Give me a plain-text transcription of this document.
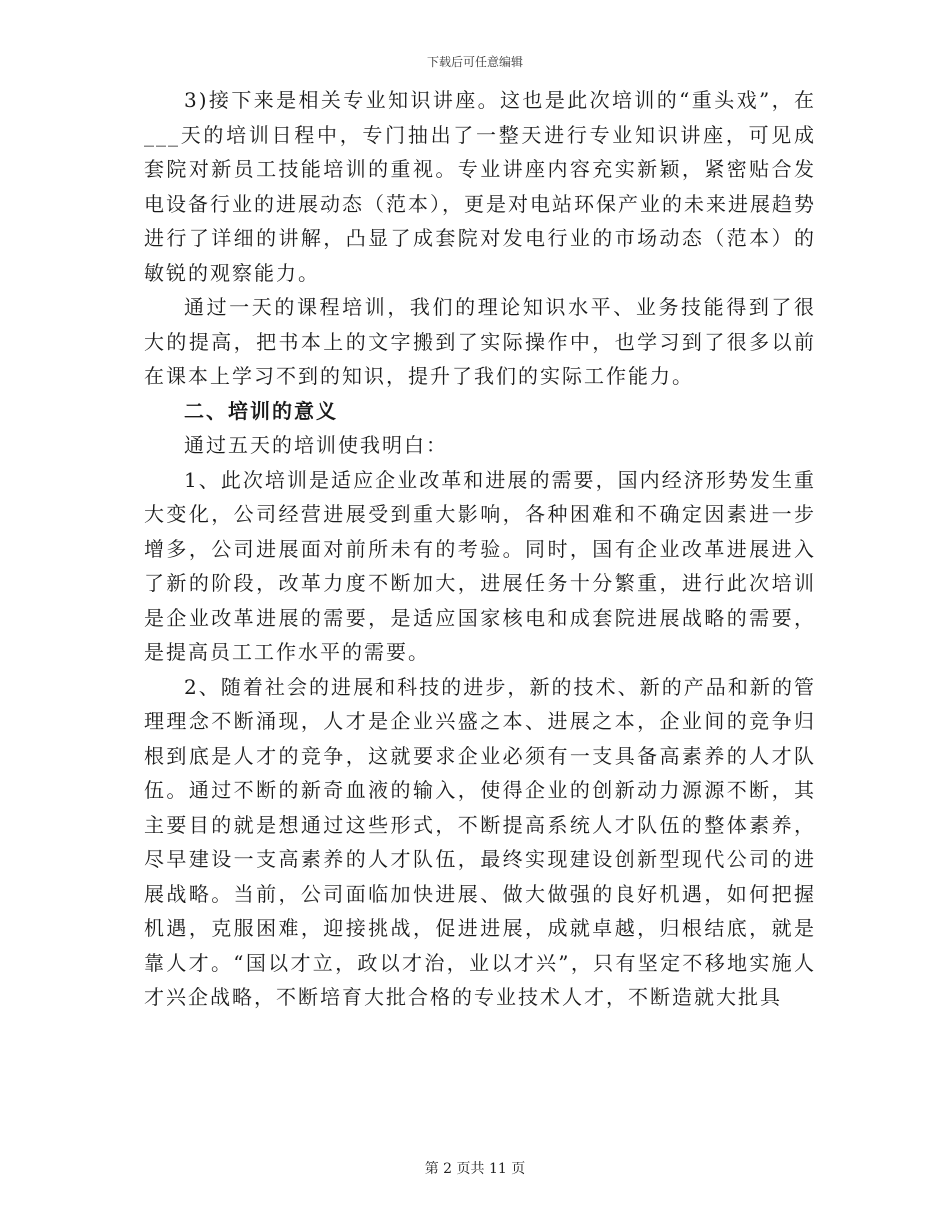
下载后可任意编辑

3)接下来是相关专业知识讲座。这也是此次培训的“重头戏”，在___天的培训日程中，专门抽出了一整天进行专业知识讲座，可见成套院对新员工技能培训的重视。专业讲座内容充实新颖，紧密贴合发电设备行业的进展动态（范本），更是对电站环保产业的未来进展趋势进行了详细的讲解，凸显了成套院对发电行业的市场动态（范本）的敏锐的观察能力。

通过一天的课程培训，我们的理论知识水平、业务技能得到了很大的提高，把书本上的文字搬到了实际操作中，也学习到了很多以前在课本上学习不到的知识，提升了我们的实际工作能力。

二、培训的意义

通过五天的培训使我明白：

1、此次培训是适应企业改革和进展的需要，国内经济形势发生重大变化，公司经营进展受到重大影响，各种困难和不确定因素进一步增多，公司进展面对前所未有的考验。同时，国有企业改革进展进入了新的阶段，改革力度不断加大，进展任务十分繁重，进行此次培训是企业改革进展的需要，是适应国家核电和成套院进展战略的需要，是提高员工工作水平的需要。

2、随着社会的进展和科技的进步，新的技术、新的产品和新的管理理念不断涌现，人才是企业兴盛之本、进展之本，企业间的竞争归根到底是人才的竞争，这就要求企业必须有一支具备高素养的人才队伍。通过不断的新奇血液的输入，使得企业的创新动力源源不断，其主要目的就是想通过这些形式，不断提高系统人才队伍的整体素养，尽早建设一支高素养的人才队伍，最终实现建设创新型现代公司的进展战略。当前，公司面临加快进展、做大做强的良好机遇，如何把握机遇，克服困难，迎接挑战，促进进展，成就卓越，归根结底，就是靠人才。“国以才立，政以才治，业以才兴”，只有坚定不移地实施人才兴企战略，不断培育大批合格的专业技术人才，不断造就大批具

第 2 页共 11 页
